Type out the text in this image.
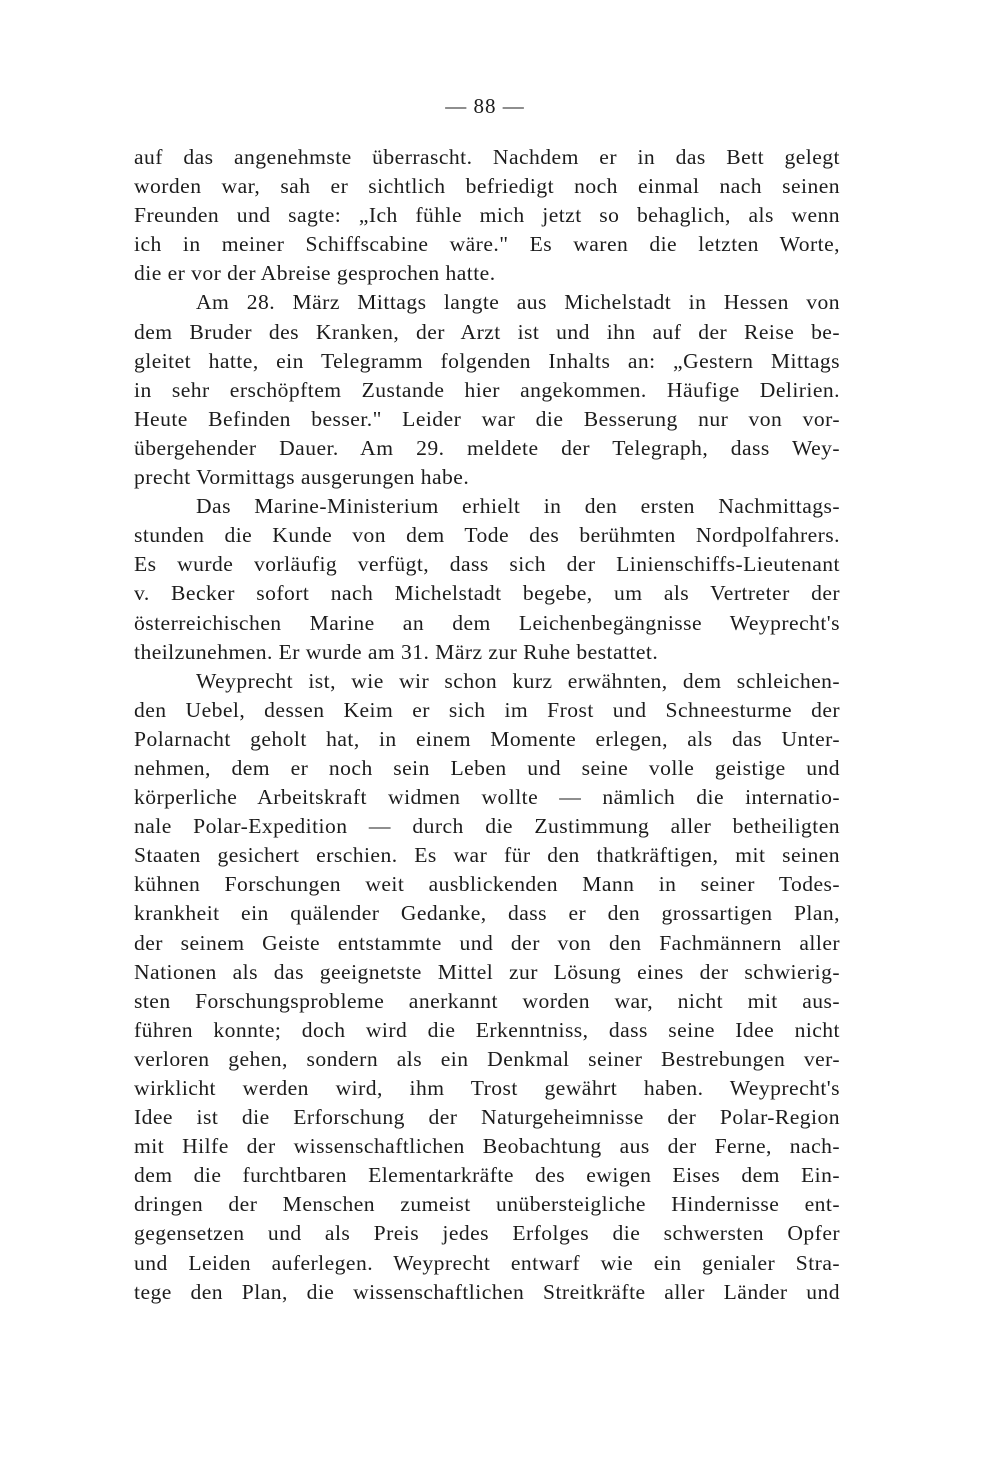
— 88 —
auf das angenehmste überrascht. Nachdem er in das Bett gelegt
worden war, sah er sichtlich befriedigt noch einmal nach seinen
Freunden und sagte: „Ich fühle mich jetzt so behaglich, als wenn
ich in meiner Schiffscabine wäre." Es waren die letzten Worte,
die er vor der Abreise gesprochen hatte.
Am 28. März Mittags langte aus Michelstadt in Hessen von
dem Bruder des Kranken, der Arzt ist und ihn auf der Reise be-
gleitet hatte, ein Telegramm folgenden Inhalts an: „Gestern Mittags
in sehr erschöpftem Zustande hier angekommen. Häufige Delirien.
Heute Befinden besser." Leider war die Besserung nur von vor-
übergehender Dauer. Am 29. meldete der Telegraph, dass Wey-
precht Vormittags ausgerungen habe.
Das Marine-Ministerium erhielt in den ersten Nachmittags-
stunden die Kunde von dem Tode des berühmten Nordpolfahrers.
Es wurde vorläufig verfügt, dass sich der Linienschiffs-Lieutenant
v. Becker sofort nach Michelstadt begebe, um als Vertreter der
österreichischen Marine an dem Leichenbegängnisse Weyprecht's
theilzunehmen. Er wurde am 31. März zur Ruhe bestattet.
Weyprecht ist, wie wir schon kurz erwähnten, dem schleichen-
den Uebel, dessen Keim er sich im Frost und Schneesturme der
Polarnacht geholt hat, in einem Momente erlegen, als das Unter-
nehmen, dem er noch sein Leben und seine volle geistige und
körperliche Arbeitskraft widmen wollte — nämlich die internatio-
nale Polar-Expedition — durch die Zustimmung aller betheiligten
Staaten gesichert erschien. Es war für den thatkräftigen, mit seinen
kühnen Forschungen weit ausblickenden Mann in seiner Todes-
krankheit ein quälender Gedanke, dass er den grossartigen Plan,
der seinem Geiste entstammte und der von den Fachmännern aller
Nationen als das geeignetste Mittel zur Lösung eines der schwierig-
sten Forschungsprobleme anerkannt worden war, nicht mit aus-
führen konnte; doch wird die Erkenntniss, dass seine Idee nicht
verloren gehen, sondern als ein Denkmal seiner Bestrebungen ver-
wirklicht werden wird, ihm Trost gewährt haben. Weyprecht's
Idee ist die Erforschung der Naturgeheimnisse der Polar-Region
mit Hilfe der wissenschaftlichen Beobachtung aus der Ferne, nach-
dem die furchtbaren Elementarkräfte des ewigen Eises dem Ein-
dringen der Menschen zumeist unübersteigliche Hindernisse ent-
gegensetzen und als Preis jedes Erfolges die schwersten Opfer
und Leiden auferlegen. Weyprecht entwarf wie ein genialer Stra-
tege den Plan, die wissenschaftlichen Streitkräfte aller Länder und
